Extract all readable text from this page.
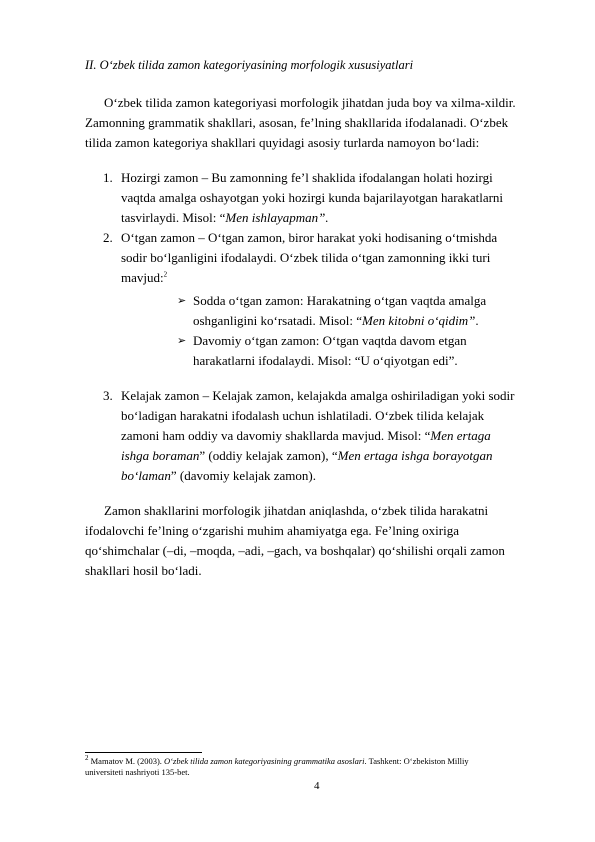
II. O‘zbek tilida zamon kategoriyasining morfologik xususiyatlari
O‘zbek tilida zamon kategoriyasi morfologik jihatdan juda boy va xilma-xildir.
Zamonning grammatik shakllari, asosan, fe’lning shakllarida ifodalanadi. O‘zbek
tilida zamon kategoriya shakllari quyidagi asosiy turlarda namoyon bo‘ladi:
1. Hozirgi zamon – Bu zamonning fe’l shaklida ifodalangan holati hozirgi
vaqtda amalga oshayotgan yoki hozirgi kunda bajarilayotgan harakatlarni
tasvirlaydi. Misol: “Men ishlayapman”.
2. O‘tgan zamon – O‘tgan zamon, biror harakat yoki hodisaning o‘tmishda
sodir bo‘lganligini ifodalaydi. O‘zbek tilida o‘tgan zamonning ikki turi
mavjud:$^2$
➢ Sodda o‘tgan zamon: Harakatning o‘tgan vaqtda amalga
oshganligini ko‘rsatadi. Misol: “Men kitobni o‘qidim”.
➢ Davomiy o‘tgan zamon: O‘tgan vaqtda davom etgan
harakatlarni ifodalaydi. Misol: “U o‘qiyotgan edi”.
3. Kelajak zamon – Kelajak zamon, kelajakda amalga oshiriladigan yoki sodir
bo‘ladigan harakatni ifodalash uchun ishlatiladi. O‘zbek tilida kelajak
zamoni ham oddiy va davomiy shakllarda mavjud. Misol: “Men ertaga
ishga boraman” (oddiy kelajak zamon), “Men ertaga ishga borayotgan
bo‘laman” (davomiy kelajak zamon).
Zamon shakllarini morfologik jihatdan aniqlashda, o‘zbek tilida harakatni
ifodalovchi fe’lning o‘zgarishi muhim ahamiyatga ega. Fe’lning oxiriga
qo‘shimchalar (–di, –moqda, –adi, –gach, va boshqalar) qo‘shilishi orqali zamon
shakllari hosil bo‘ladi.
$^2$ Mamatov M. (2003). O‘zbek tilida zamon kategoriyasining grammatika asoslari. Tashkent: O‘zbekiston Milliy
universiteti nashriyoti 135-bet.
4
